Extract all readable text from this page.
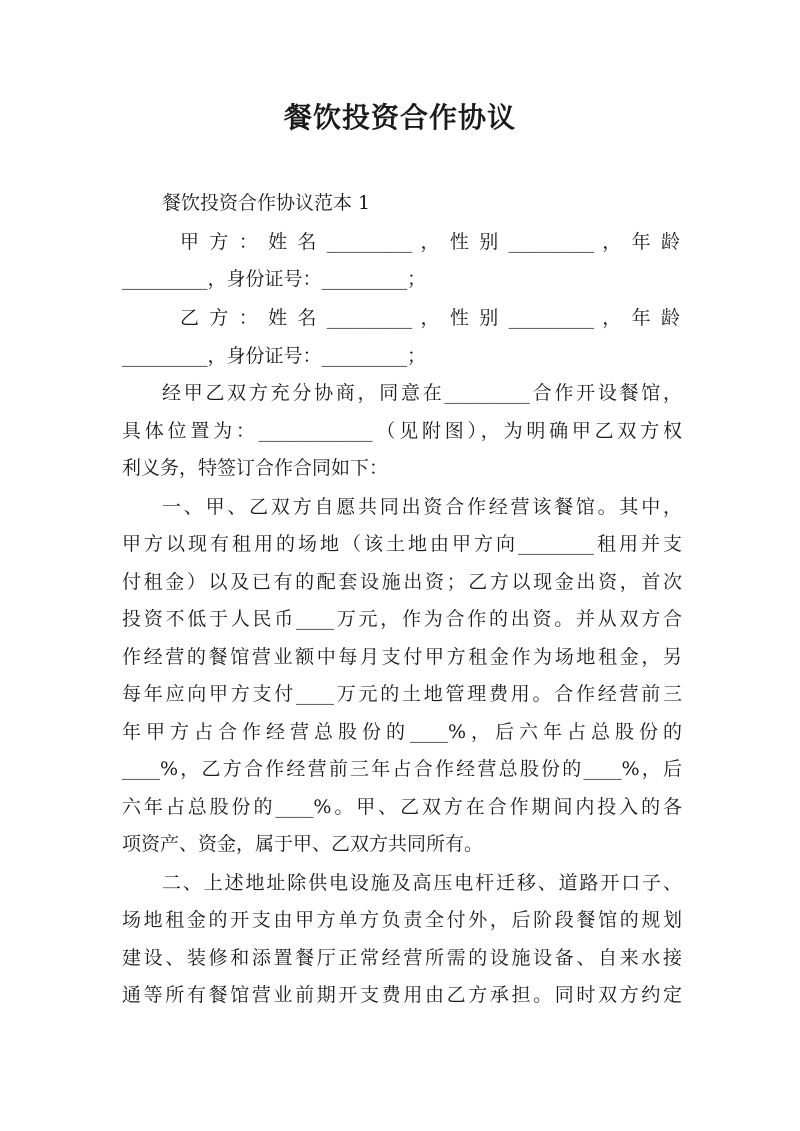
餐饮投资合作协议
餐饮投资合作协议范本 1
甲 方 ： 姓 名 _________ ， 性 别 _________ ， 年 龄
_________，身份证号：_________；
乙 方 ： 姓 名 _________ ， 性 别 _________ ， 年 龄
_________，身份证号：_________；
经甲乙双方充分协商，同意在_________合作开设餐馆，
具体位置为：____________（见附图），为明确甲乙双方权
利义务，特签订合作合同如下：
一、甲、乙双方自愿共同出资合作经营该餐馆。其中，
甲方以现有租用的场地（该土地由甲方向________租用并支
付租金）以及已有的配套设施出资；乙方以现金出资，首次
投资不低于人民币____万元，作为合作的出资。并从双方合
作经营的餐馆营业额中每月支付甲方租金作为场地租金，另
每年应向甲方支付____万元的土地管理费用。合作经营前三
年甲方占合作经营总股份的____%，后六年占总股份的
____%，乙方合作经营前三年占合作经营总股份的____%，后
六年占总股份的____%。甲、乙双方在合作期间内投入的各
项资产、资金，属于甲、乙双方共同所有。
二、上述地址除供电设施及高压电杆迁移、道路开口子、
场地租金的开支由甲方单方负责全付外，后阶段餐馆的规划
建设、装修和添置餐厅正常经营所需的设施设备、自来水接
通等所有餐馆营业前期开支费用由乙方承担。同时双方约定
